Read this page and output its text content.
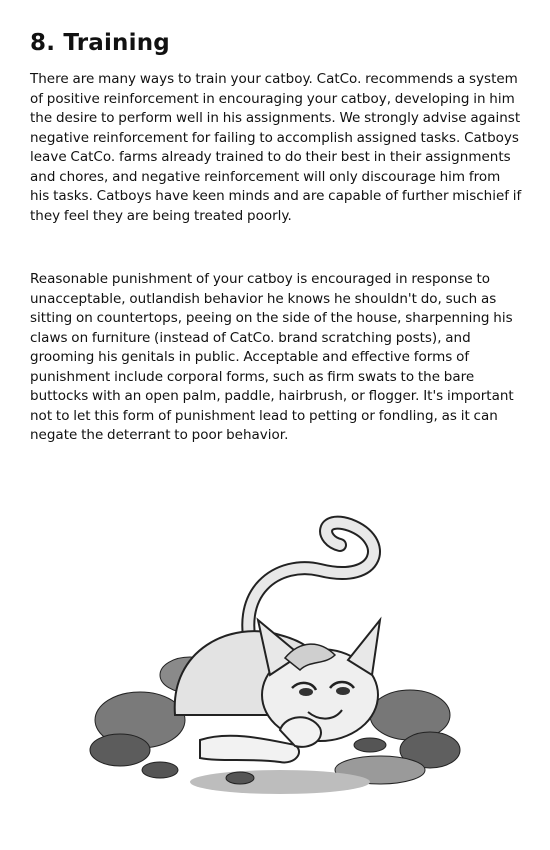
8. Training

There are many ways to train your catboy. CatCo. recommends a system of positive reinforcement in encouraging your catboy, developing in him the desire to perform well in his assignments. We strongly advise against negative reinforcement for failing to accomplish assigned tasks. Catboys leave CatCo. farms already trained to do their best in their assignments and chores, and negative reinforcement will only discourage him from his tasks. Catboys have keen minds and are capable of further mischief if they feel they are being treated poorly.

Reasonable punishment of your catboy is encouraged in response to unacceptable, outlandish behavior he knows he shouldn't do, such as sitting on countertops, peeing on the side of the house, sharpenning his claws on furniture (instead of CatCo. brand scratching posts), and grooming his genitals in public. Acceptable and effective forms of punishment include corporal forms, such as firm swats to the bare buttocks with an open palm, paddle, hairbrush, or flogger. It's important not to let this form of punishment lead to petting or fondling, as it can negate the deterrant to poor behavior.
